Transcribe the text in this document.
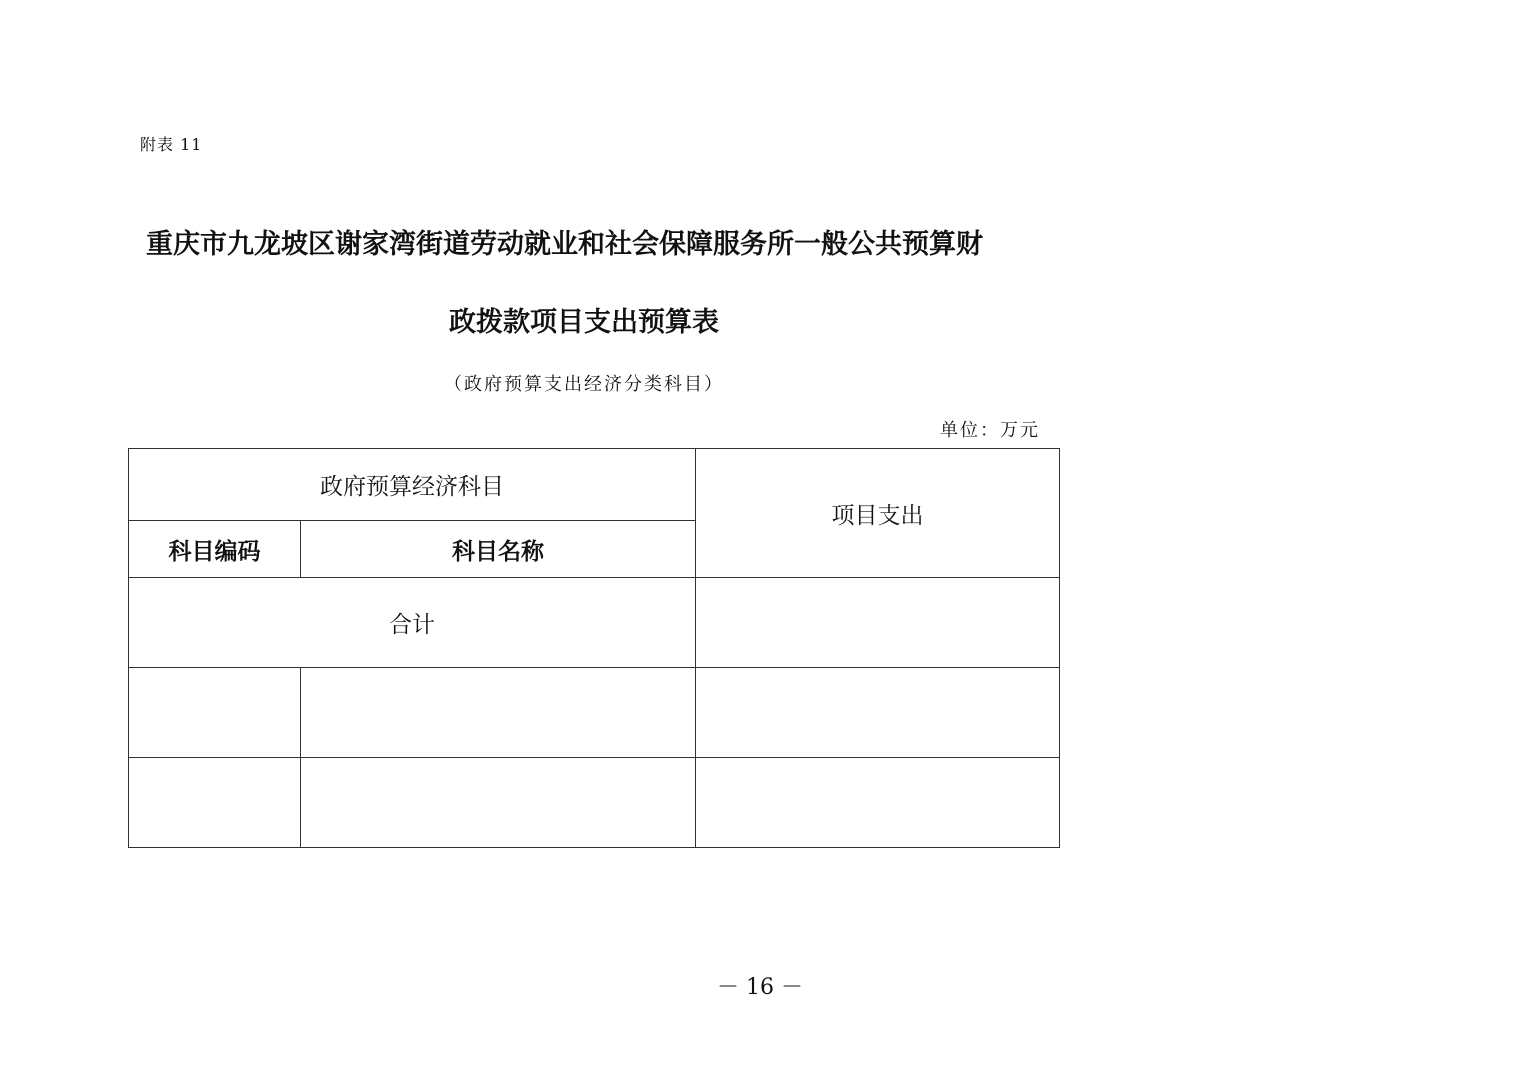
附表 11
重庆市九龙坡区谢家湾街道劳动就业和社会保障服务所一般公共预算财
政拨款项目支出预算表
（政府预算支出经济分类科目）
单位：万元
政府预算经济科目		项目支出
科目编码	科目名称	
合计		

－ 16 －
